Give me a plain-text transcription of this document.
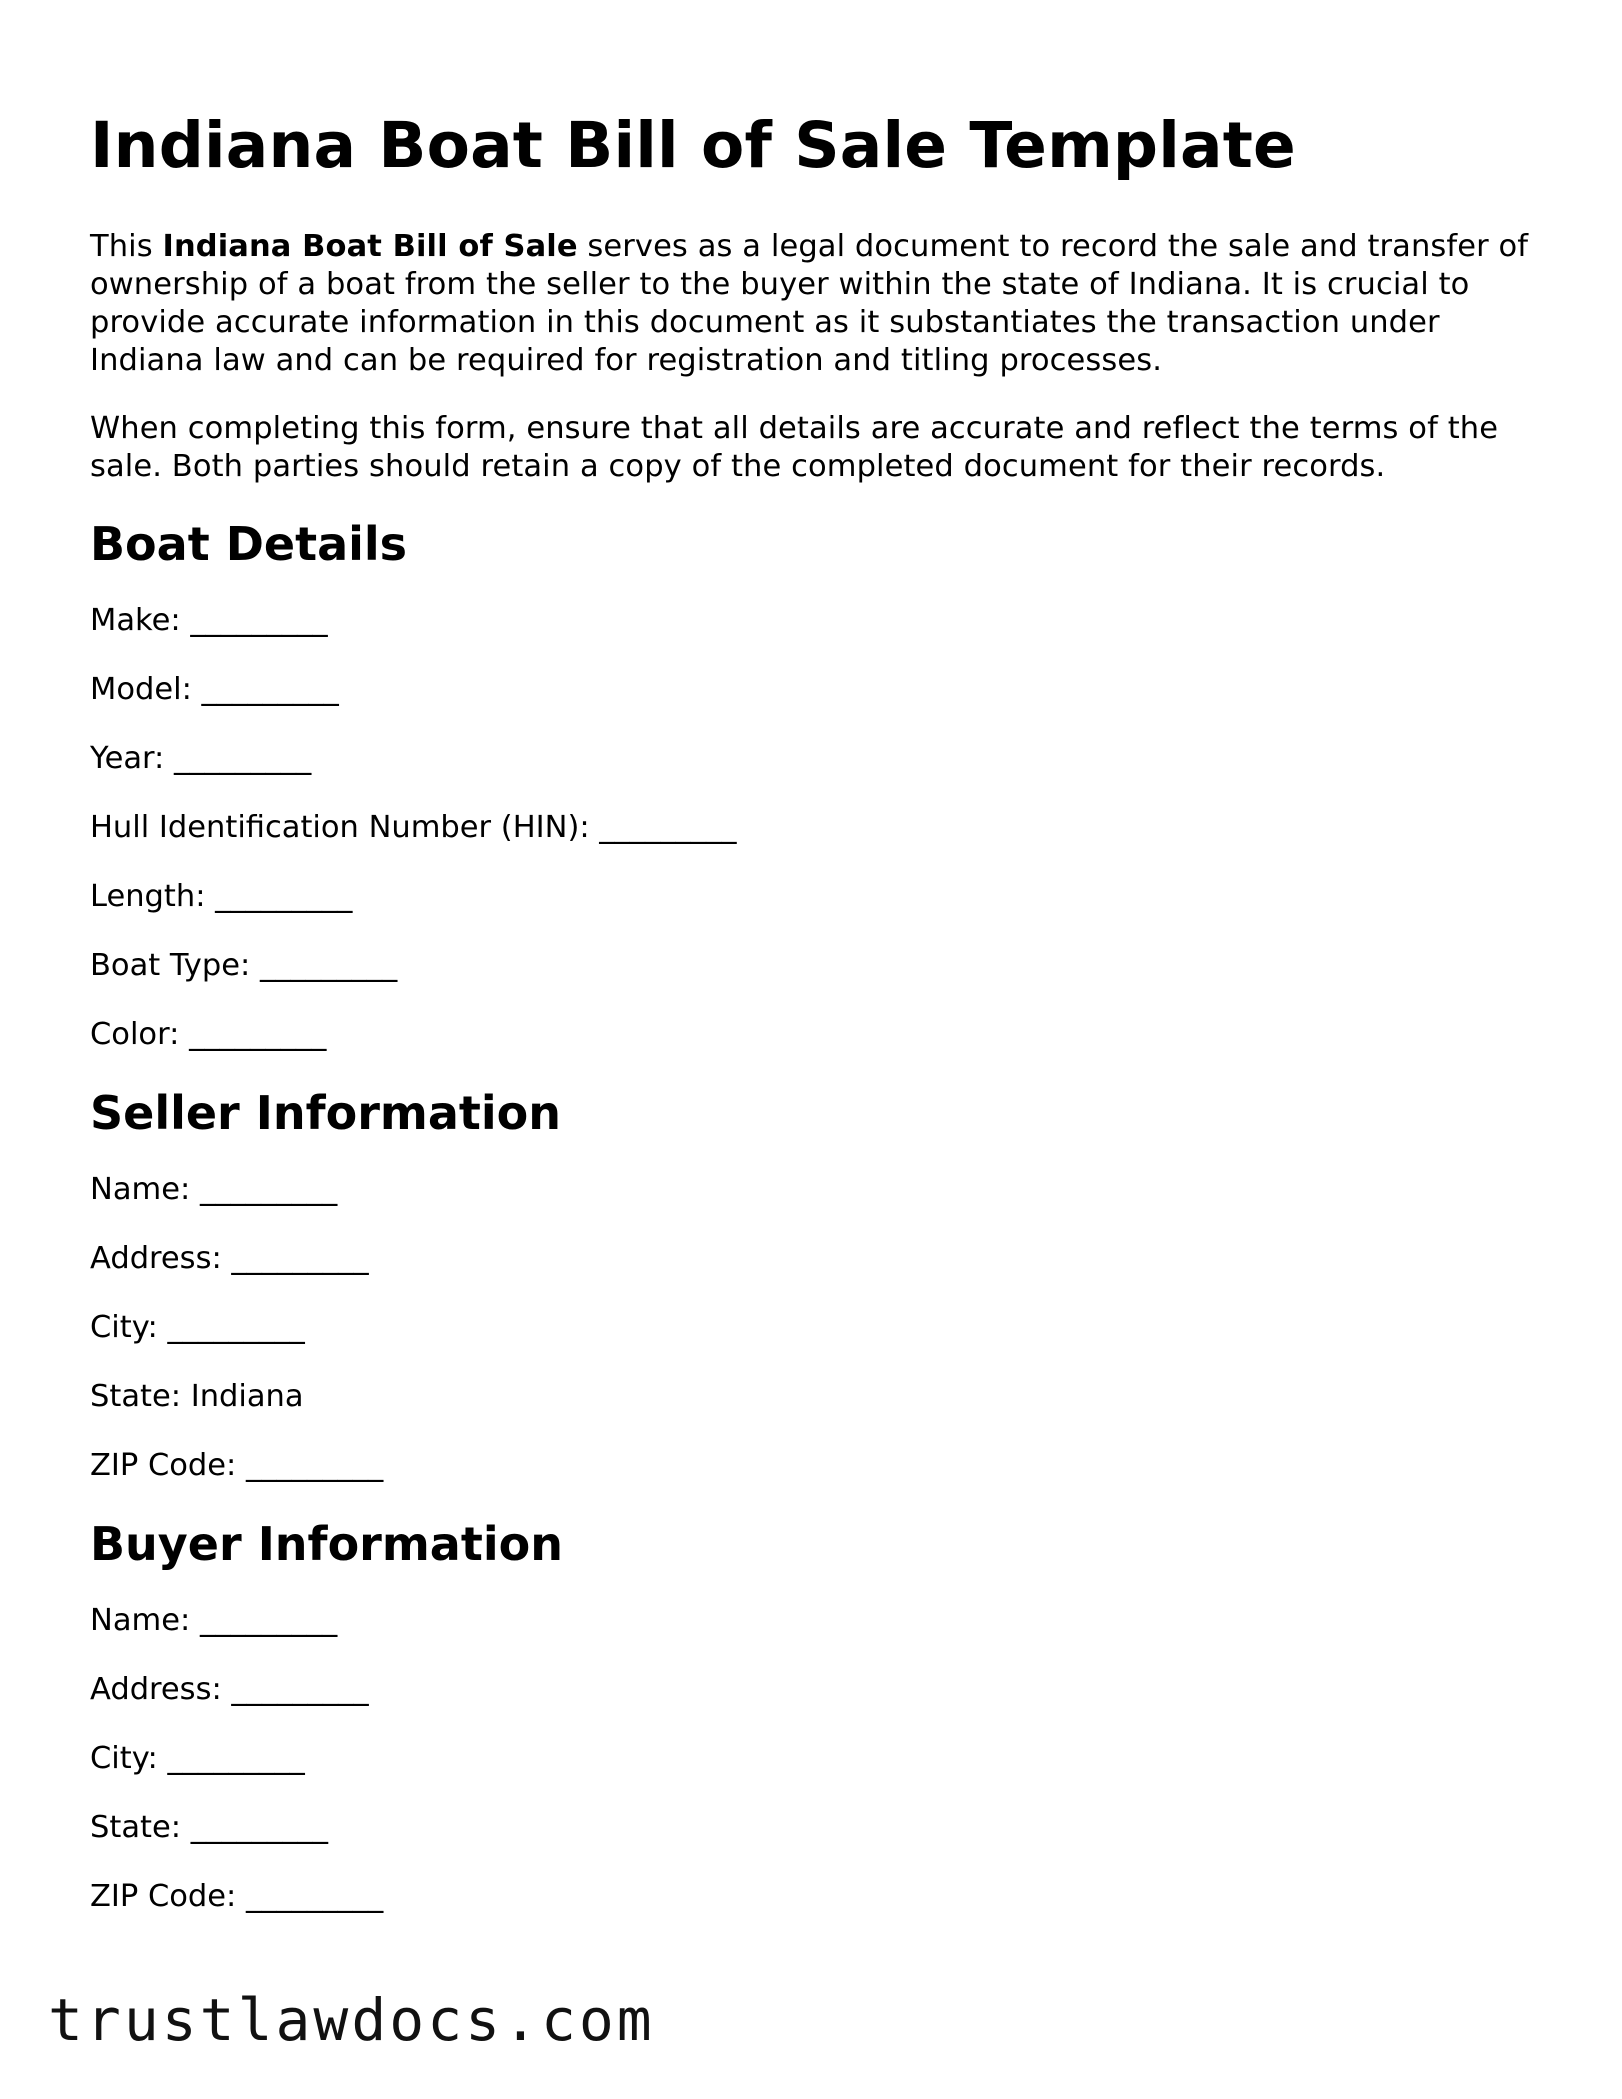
Indiana Boat Bill of Sale Template

This Indiana Boat Bill of Sale serves as a legal document to record the sale and transfer of ownership of a boat from the seller to the buyer within the state of Indiana. It is crucial to provide accurate information in this document as it substantiates the transaction under Indiana law and can be required for registration and titling processes.

When completing this form, ensure that all details are accurate and reflect the terms of the sale. Both parties should retain a copy of the completed document for their records.

Boat Details
Make: _________
Model: _________
Year: _________
Hull Identification Number (HIN): _________
Length: _________
Boat Type: _________
Color: _________
Seller Information
Name: _________
Address: _________
City: _________
State: Indiana
ZIP Code: _________
Buyer Information
Name: _________
Address: _________
City: _________
State: _________
ZIP Code: _________
trustlawdocs.com
